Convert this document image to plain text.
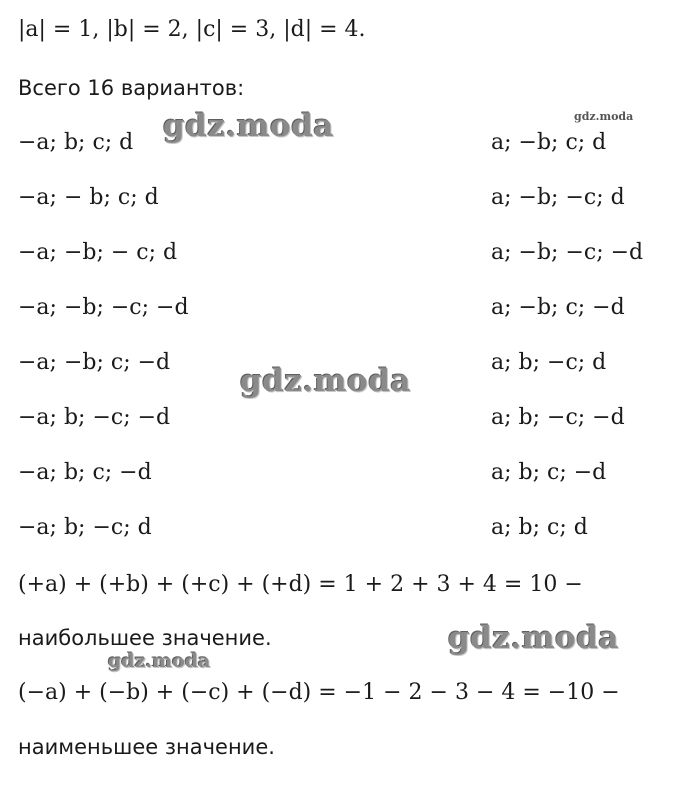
|a| = 1, |b| = 2, |c| = 3, |d| = 4.
Всего 16 вариантов:
−a; b; c; d
−a; − b; c; d
−a; −b; − c; d
−a; −b; −c; −d
−a; −b; c; −d
−a; b; −c; −d
−a; b; c; −d
−a; b; −c; d
a; −b; c; d
a; −b; −c; d
a; −b; −c; −d
a; −b; c; −d
a; b; −c; d
a; b; −c; −d
a; b; c; −d
a; b; c; d
(+a) + (+b) + (+c) + (+d) = 1 + 2 + 3 + 4 = 10 −
наибольшее значение.
(−a) + (−b) + (−c) + (−d) = −1 − 2 − 3 − 4 = −10 −
наименьшее значение.
gdz.moda	gdz.moda
gdz.moda
gdz.moda
gdz.moda
